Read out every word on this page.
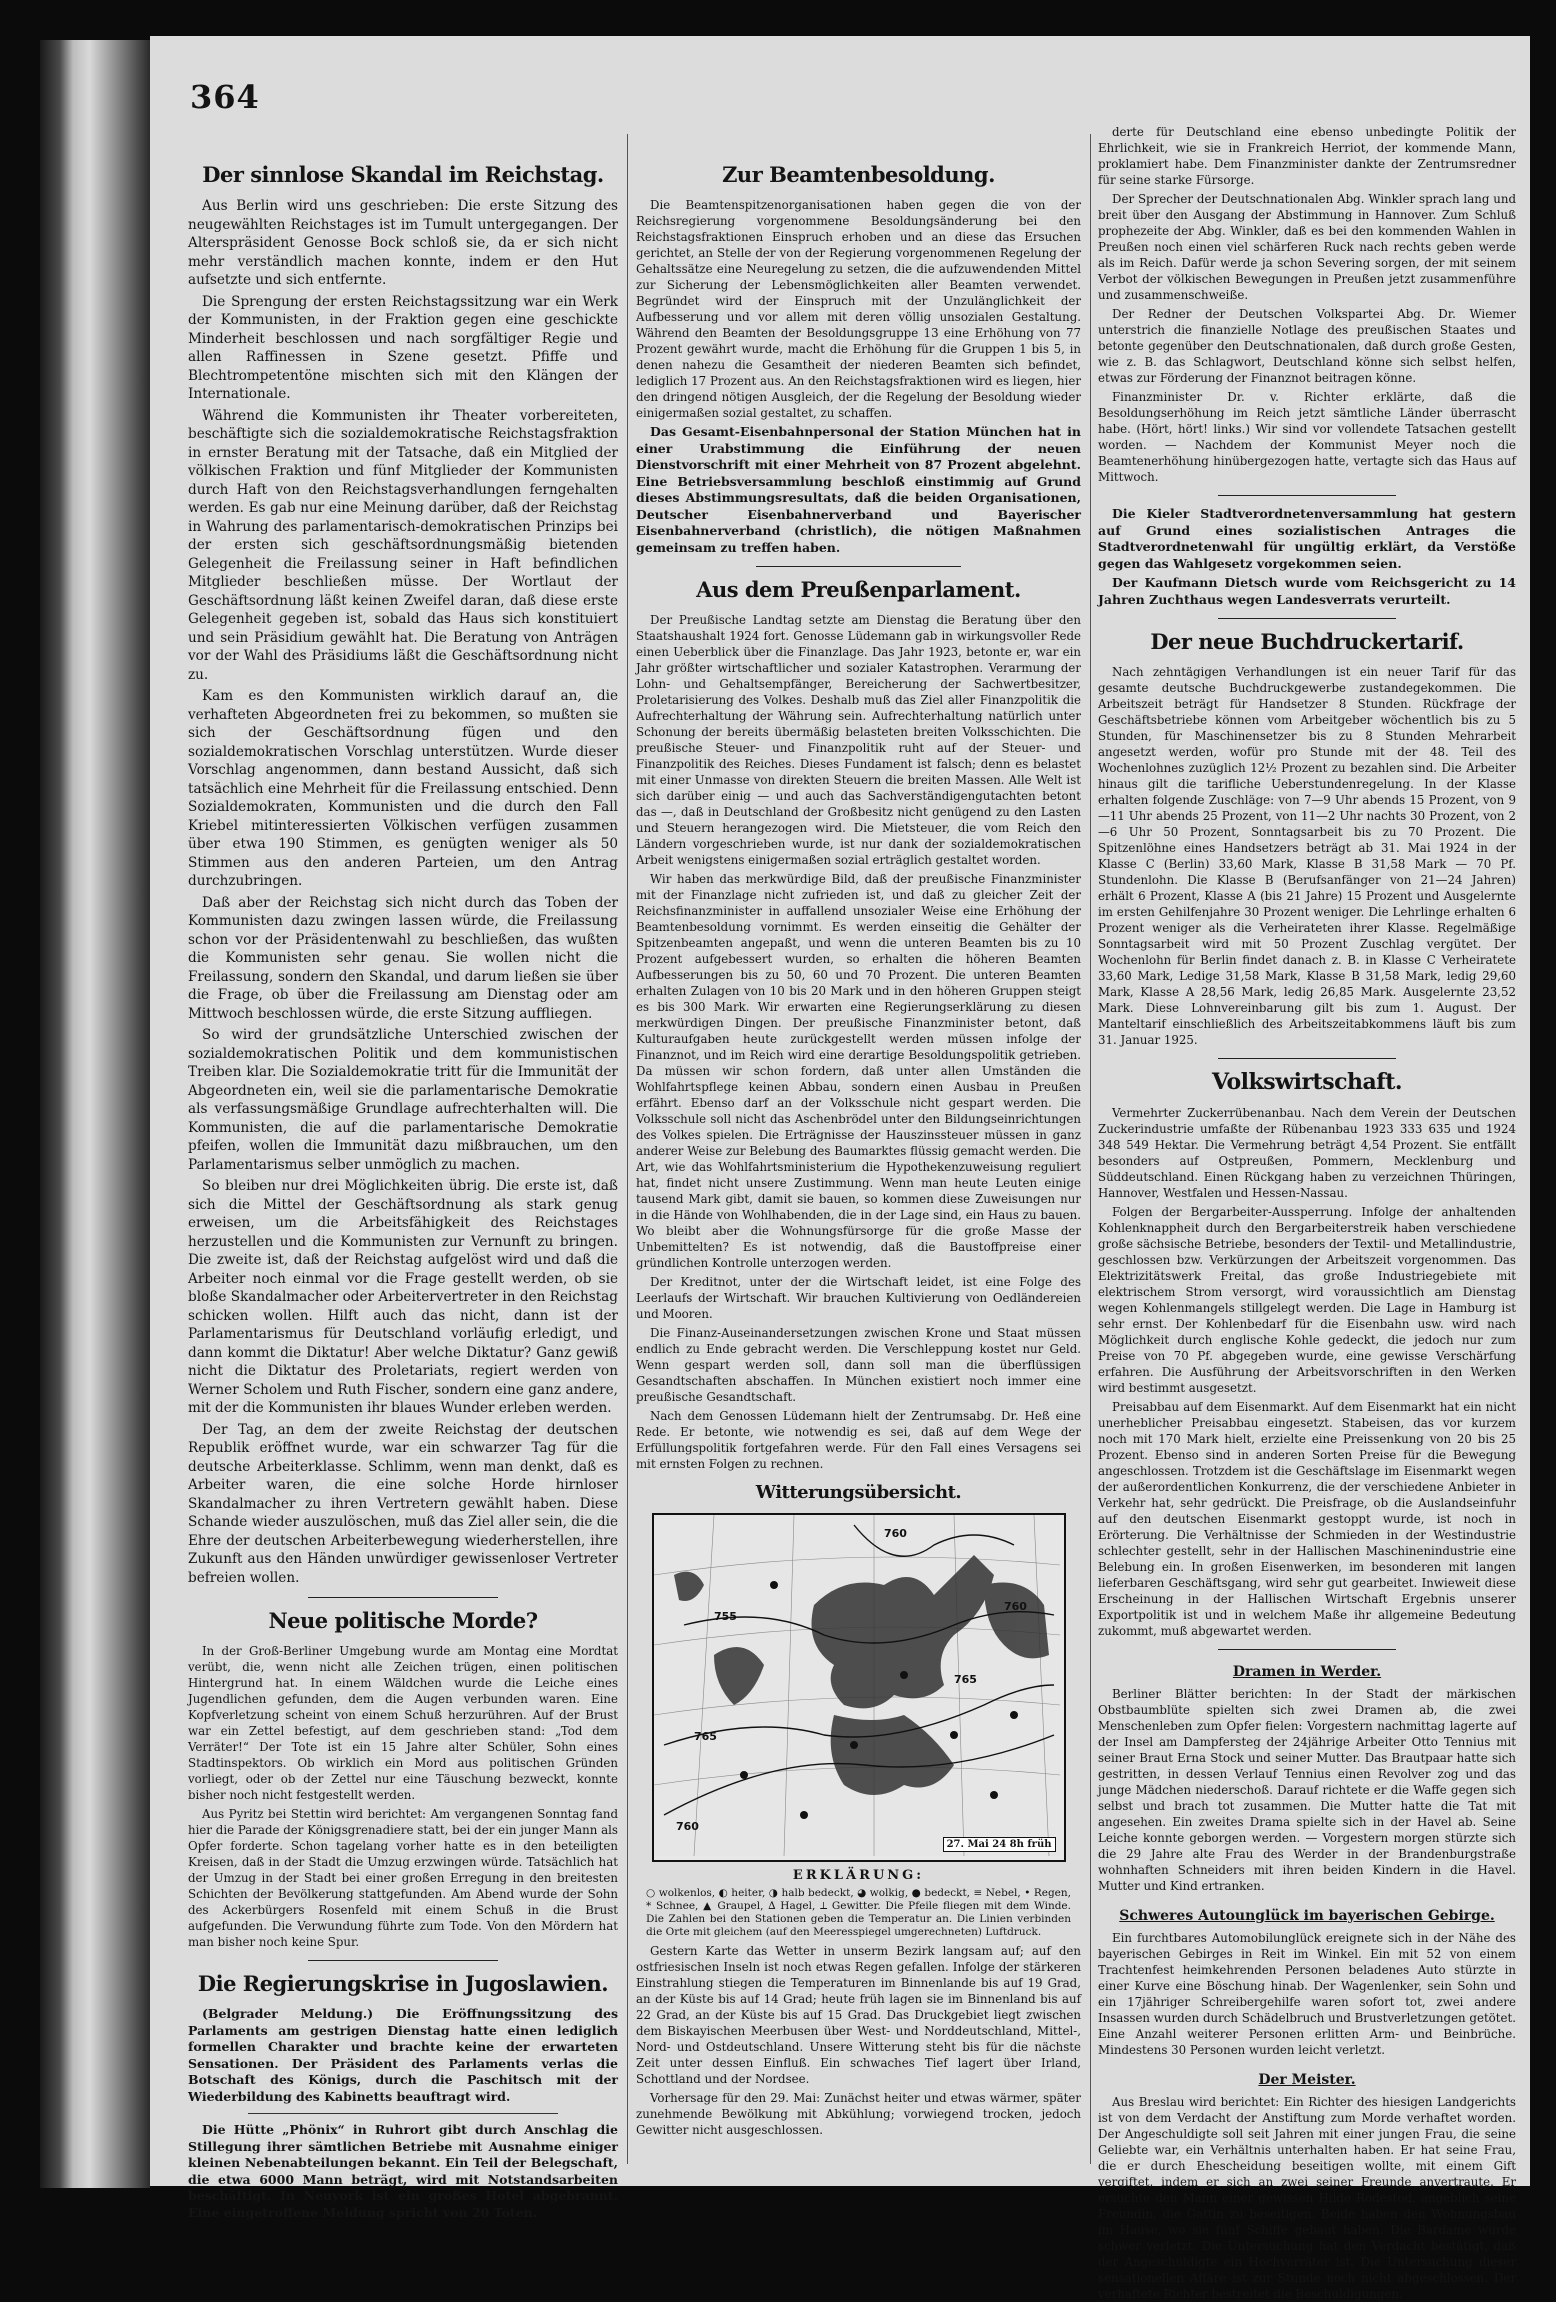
364
Der sinnlose Skandal im Reichstag.

Aus Berlin wird uns geschrieben: Die erste Sitzung des neugewählten Reichstages ist im Tumult untergegangen. Der Alterspräsident Genosse Bock schloß sie, da er sich nicht mehr verständlich machen konnte, indem er den Hut aufsetzte und sich entfernte.

Die Sprengung der ersten Reichstagssitzung war ein Werk der Kommunisten, in der Fraktion gegen eine geschickte Minderheit beschlossen und nach sorgfältiger Regie und allen Raffinessen in Szene gesetzt. Pfiffe und Blechtrompetentöne mischten sich mit den Klängen der Internationale.

Während die Kommunisten ihr Theater vorbereiteten, beschäftigte sich die sozialdemokratische Reichstagsfraktion in ernster Beratung mit der Tatsache, daß ein Mitglied der völkischen Fraktion und fünf Mitglieder der Kommunisten durch Haft von den Reichstagsverhandlungen ferngehalten werden. Es gab nur eine Meinung darüber, daß der Reichstag in Wahrung des parlamentarisch-demokratischen Prinzips bei der ersten sich geschäftsordnungsmäßig bietenden Gelegenheit die Freilassung seiner in Haft befindlichen Mitglieder beschließen müsse. Der Wortlaut der Geschäftsordnung läßt keinen Zweifel daran, daß diese erste Gelegenheit gegeben ist, sobald das Haus sich konstituiert und sein Präsidium gewählt hat. Die Beratung von Anträgen vor der Wahl des Präsidiums läßt die Geschäftsordnung nicht zu.

Kam es den Kommunisten wirklich darauf an, die verhafteten Abgeordneten frei zu bekommen, so mußten sie sich der Geschäftsordnung fügen und den sozialdemokratischen Vorschlag unterstützen. Wurde dieser Vorschlag angenommen, dann bestand Aussicht, daß sich tatsächlich eine Mehrheit für die Freilassung entschied. Denn Sozialdemokraten, Kommunisten und die durch den Fall Kriebel mitinteressierten Völkischen verfügen zusammen über etwa 190 Stimmen, es genügten weniger als 50 Stimmen aus den anderen Parteien, um den Antrag durchzubringen.

Daß aber der Reichstag sich nicht durch das Toben der Kommunisten dazu zwingen lassen würde, die Freilassung schon vor der Präsidentenwahl zu beschließen, das wußten die Kommunisten sehr genau. Sie wollen nicht die Freilassung, sondern den Skandal, und darum ließen sie über die Frage, ob über die Freilassung am Dienstag oder am Mittwoch beschlossen würde, die erste Sitzung auffliegen.

So wird der grundsätzliche Unterschied zwischen der sozialdemokratischen Politik und dem kommunistischen Treiben klar. Die Sozialdemokratie tritt für die Immunität der Abgeordneten ein, weil sie die parlamentarische Demokratie als verfassungsmäßige Grundlage aufrechterhalten will. Die Kommunisten, die auf die parlamentarische Demokratie pfeifen, wollen die Immunität dazu mißbrauchen, um den Parlamentarismus selber unmöglich zu machen.

So bleiben nur drei Möglichkeiten übrig. Die erste ist, daß sich die Mittel der Geschäftsordnung als stark genug erweisen, um die Arbeitsfähigkeit des Reichstages herzustellen und die Kommunisten zur Vernunft zu bringen. Die zweite ist, daß der Reichstag aufgelöst wird und daß die Arbeiter noch einmal vor die Frage gestellt werden, ob sie bloße Skandalmacher oder Arbeitervertreter in den Reichstag schicken wollen. Hilft auch das nicht, dann ist der Parlamentarismus für Deutschland vorläufig erledigt, und dann kommt die Diktatur! Aber welche Diktatur? Ganz gewiß nicht die Diktatur des Proletariats, regiert werden von Werner Scholem und Ruth Fischer, sondern eine ganz andere, mit der die Kommunisten ihr blaues Wunder erleben werden.

Der Tag, an dem der zweite Reichstag der deutschen Republik eröffnet wurde, war ein schwarzer Tag für die deutsche Arbeiterklasse. Schlimm, wenn man denkt, daß es Arbeiter waren, die eine solche Horde hirnloser Skandalmacher zu ihren Vertretern gewählt haben. Diese Schande wieder auszulöschen, muß das Ziel aller sein, die die Ehre der deutschen Arbeiterbewegung wiederherstellen, ihre Zukunft aus den Händen unwürdiger gewissenloser Vertreter befreien wollen.

Neue politische Morde?

In der Groß-Berliner Umgebung wurde am Montag eine Mordtat verübt, die, wenn nicht alle Zeichen trügen, einen politischen Hintergrund hat. In einem Wäldchen wurde die Leiche eines Jugendlichen gefunden, dem die Augen verbunden waren. Eine Kopfverletzung scheint von einem Schuß herzurühren. Auf der Brust war ein Zettel befestigt, auf dem geschrieben stand: „Tod dem Verräter!“ Der Tote ist ein 15 Jahre alter Schüler, Sohn eines Stadtinspektors. Ob wirklich ein Mord aus politischen Gründen vorliegt, oder ob der Zettel nur eine Täuschung bezweckt, konnte bisher noch nicht festgestellt werden.

Aus Pyritz bei Stettin wird berichtet: Am vergangenen Sonntag fand hier die Parade der Königsgrenadiere statt, bei der ein junger Mann als Opfer forderte. Schon tagelang vorher hatte es in den beteiligten Kreisen, daß in der Stadt die Umzug erzwingen würde. Tatsächlich hat der Umzug in der Stadt bei einer großen Erregung in den breitesten Schichten der Bevölkerung stattgefunden. Am Abend wurde der Sohn des Ackerbürgers Rosenfeld mit einem Schuß in die Brust aufgefunden. Die Verwundung führte zum Tode. Von den Mördern hat man bisher noch keine Spur.

Die Regierungskrise in Jugoslawien.

(Belgrader Meldung.) Die Eröffnungssitzung des Parlaments am gestrigen Dienstag hatte einen lediglich formellen Charakter und brachte keine der erwarteten Sensationen. Der Präsident des Parlaments verlas die Botschaft des Königs, durch die Paschitsch mit der Wiederbildung des Kabinetts beauftragt wird.

Die Hütte „Phönix“ in Ruhrort gibt durch Anschlag die Stillegung ihrer sämtlichen Betriebe mit Ausnahme einiger kleinen Nebenabteilungen bekannt. Ein Teil der Belegschaft, die etwa 6000 Mann beträgt, wird mit Notstandsarbeiten beschäftigt. In Neuyork ist ein großes Hotel abgebrannt. Eine eingetroffene Meldung spricht von 20 Toten.

Zur Beamtenbesoldung.

Die Beamtenspitzenorganisationen haben gegen die von der Reichsregierung vorgenommene Besoldungsänderung bei den Reichstagsfraktionen Einspruch erhoben und an diese das Ersuchen gerichtet, an Stelle der von der Regierung vorgenommenen Regelung der Gehaltssätze eine Neuregelung zu setzen, die die aufzuwendenden Mittel zur Sicherung der Lebensmöglichkeiten aller Beamten verwendet. Begründet wird der Einspruch mit der Unzulänglichkeit der Aufbesserung und vor allem mit deren völlig unsozialen Gestaltung. Während den Beamten der Besoldungsgruppe 13 eine Erhöhung von 77 Prozent gewährt wurde, macht die Erhöhung für die Gruppen 1 bis 5, in denen nahezu die Gesamtheit der niederen Beamten sich befindet, lediglich 17 Prozent aus. An den Reichstagsfraktionen wird es liegen, hier den dringend nötigen Ausgleich, der die Regelung der Besoldung wieder einigermaßen sozial gestaltet, zu schaffen.

Das Gesamt-Eisenbahnpersonal der Station München hat in einer Urabstimmung die Einführung der neuen Dienstvorschrift mit einer Mehrheit von 87 Prozent abgelehnt. Eine Betriebsversammlung beschloß einstimmig auf Grund dieses Abstimmungsresultats, daß die beiden Organisationen, Deutscher Eisenbahnerverband und Bayerischer Eisenbahnerverband (christlich), die nötigen Maßnahmen gemeinsam zu treffen haben.

Aus dem Preußenparlament.

Der Preußische Landtag setzte am Dienstag die Beratung über den Staatshaushalt 1924 fort. Genosse Lüdemann gab in wirkungsvoller Rede einen Ueberblick über die Finanzlage. Das Jahr 1923, betonte er, war ein Jahr größter wirtschaftlicher und sozialer Katastrophen. Verarmung der Lohn- und Gehaltsempfänger, Bereicherung der Sachwertbesitzer, Proletarisierung des Volkes. Deshalb muß das Ziel aller Finanzpolitik die Aufrechterhaltung der Währung sein. Aufrechterhaltung natürlich unter Schonung der bereits übermäßig belasteten breiten Volksschichten. Die preußische Steuer- und Finanzpolitik ruht auf der Steuer- und Finanzpolitik des Reiches. Dieses Fundament ist falsch; denn es belastet mit einer Unmasse von direkten Steuern die breiten Massen. Alle Welt ist sich darüber einig — und auch das Sachverständigengutachten betont das —, daß in Deutschland der Großbesitz nicht genügend zu den Lasten und Steuern herangezogen wird. Die Mietsteuer, die vom Reich den Ländern vorgeschrieben wurde, ist nur dank der sozialdemokratischen Arbeit wenigstens einigermaßen sozial erträglich gestaltet worden.

Wir haben das merkwürdige Bild, daß der preußische Finanzminister mit der Finanzlage nicht zufrieden ist, und daß zu gleicher Zeit der Reichsfinanzminister in auffallend unsozialer Weise eine Erhöhung der Beamtenbesoldung vornimmt. Es werden einseitig die Gehälter der Spitzenbeamten angepaßt, und wenn die unteren Beamten bis zu 10 Prozent aufgebessert wurden, so erhalten die höheren Beamten Aufbesserungen bis zu 50, 60 und 70 Prozent. Die unteren Beamten erhalten Zulagen von 10 bis 20 Mark und in den höheren Gruppen steigt es bis 300 Mark. Wir erwarten eine Regierungserklärung zu diesen merkwürdigen Dingen. Der preußische Finanzminister betont, daß Kulturaufgaben heute zurückgestellt werden müssen infolge der Finanznot, und im Reich wird eine derartige Besoldungspolitik getrieben. Da müssen wir schon fordern, daß unter allen Umständen die Wohlfahrtspflege keinen Abbau, sondern einen Ausbau in Preußen erfährt. Ebenso darf an der Volksschule nicht gespart werden. Die Volksschule soll nicht das Aschenbrödel unter den Bildungseinrichtungen des Volkes spielen. Die Erträgnisse der Hauszinssteuer müssen in ganz anderer Weise zur Belebung des Baumarktes flüssig gemacht werden. Die Art, wie das Wohlfahrtsministerium die Hypothekenzuweisung reguliert hat, findet nicht unsere Zustimmung. Wenn man heute Leuten einige tausend Mark gibt, damit sie bauen, so kommen diese Zuweisungen nur in die Hände von Wohlhabenden, die in der Lage sind, ein Haus zu bauen. Wo bleibt aber die Wohnungsfürsorge für die große Masse der Unbemittelten? Es ist notwendig, daß die Baustoffpreise einer gründlichen Kontrolle unterzogen werden.

Der Kreditnot, unter der die Wirtschaft leidet, ist eine Folge des Leerlaufs der Wirtschaft. Wir brauchen Kultivierung von Oedländereien und Mooren.

Die Finanz-Auseinandersetzungen zwischen Krone und Staat müssen endlich zu Ende gebracht werden. Die Verschleppung kostet nur Geld. Wenn gespart werden soll, dann soll man die überflüssigen Gesandtschaften abschaffen. In München existiert noch immer eine preußische Gesandtschaft.

Nach dem Genossen Lüdemann hielt der Zentrumsabg. Dr. Heß eine Rede. Er betonte, wie notwendig es sei, daß auf dem Wege der Erfüllungspolitik fortgefahren werde. Für den Fall eines Versagens sei mit ernsten Folgen zu rechnen.

Witterungsübersicht.
760
765
760
760
765
755
27. Mai 24 8h früh
ERKLÄRUNG:
○ wolkenlos, ◐ heiter, ◑ halb bedeckt, ◕ wolkig, ● bedeckt, ≡ Nebel, • Regen, * Schnee, ▲ Graupel, ∆ Hagel, ⟂ Gewitter. Die Pfeile fliegen mit dem Winde. Die Zahlen bei den Stationen geben die Temperatur an. Die Linien verbinden die Orte mit gleichem (auf den Meeresspiegel umgerechneten) Luftdruck.

Gestern Karte das Wetter in unserm Bezirk langsam auf; auf den ostfriesischen Inseln ist noch etwas Regen gefallen. Infolge der stärkeren Einstrahlung stiegen die Temperaturen im Binnenlande bis auf 19 Grad, an der Küste bis auf 14 Grad; heute früh lagen sie im Binnenland bis auf 22 Grad, an der Küste bis auf 15 Grad. Das Druckgebiet liegt zwischen dem Biskayischen Meerbusen über West- und Norddeutschland, Mittel-, Nord- und Ostdeutschland. Unsere Witterung steht bis für die nächste Zeit unter dessen Einfluß. Ein schwaches Tief lagert über Irland, Schottland und der Nordsee.

Vorhersage für den 29. Mai: Zunächst heiter und etwas wärmer, später zunehmende Bewölkung mit Abkühlung; vorwiegend trocken, jedoch Gewitter nicht ausgeschlossen.

derte für Deutschland eine ebenso unbedingte Politik der Ehrlichkeit, wie sie in Frankreich Herriot, der kommende Mann, proklamiert habe. Dem Finanzminister dankte der Zentrumsredner für seine starke Fürsorge.

Der Sprecher der Deutschnationalen Abg. Winkler sprach lang und breit über den Ausgang der Abstimmung in Hannover. Zum Schluß prophezeite der Abg. Winkler, daß es bei den kommenden Wahlen in Preußen noch einen viel schärferen Ruck nach rechts geben werde als im Reich. Dafür werde ja schon Severing sorgen, der mit seinem Verbot der völkischen Bewegungen in Preußen jetzt zusammenführe und zusammenschweiße.

Der Redner der Deutschen Volkspartei Abg. Dr. Wiemer unterstrich die finanzielle Notlage des preußischen Staates und betonte gegenüber den Deutschnationalen, daß durch große Gesten, wie z. B. das Schlagwort, Deutschland könne sich selbst helfen, etwas zur Förderung der Finanznot beitragen könne.

Finanzminister Dr. v. Richter erklärte, daß die Besoldungserhöhung im Reich jetzt sämtliche Länder überrascht habe. (Hört, hört! links.) Wir sind vor vollendete Tatsachen gestellt worden. — Nachdem der Kommunist Meyer noch die Beamtenerhöhung hinübergezogen hatte, vertagte sich das Haus auf Mittwoch.

Die Kieler Stadtverordnetenversammlung hat gestern auf Grund eines sozialistischen Antrages die Stadtverordnetenwahl für ungültig erklärt, da Verstöße gegen das Wahlgesetz vorgekommen seien.

Der Kaufmann Dietsch wurde vom Reichsgericht zu 14 Jahren Zuchthaus wegen Landesverrats verurteilt.

Der neue Buchdruckertarif.

Nach zehntägigen Verhandlungen ist ein neuer Tarif für das gesamte deutsche Buchdruckgewerbe zustandegekommen. Die Arbeitszeit beträgt für Handsetzer 8 Stunden. Rückfrage der Geschäftsbetriebe können vom Arbeitgeber wöchentlich bis zu 5 Stunden, für Maschinensetzer bis zu 8 Stunden Mehrarbeit angesetzt werden, wofür pro Stunde mit der 48. Teil des Wochenlohnes zuzüglich 12½ Prozent zu bezahlen sind. Die Arbeiter hinaus gilt die tarifliche Ueberstundenregelung. In der Klasse erhalten folgende Zuschläge: von 7—9 Uhr abends 15 Prozent, von 9—11 Uhr abends 25 Prozent, von 11—2 Uhr nachts 30 Prozent, von 2—6 Uhr 50 Prozent, Sonntagsarbeit bis zu 70 Prozent. Die Spitzenlöhne eines Handsetzers beträgt ab 31. Mai 1924 in der Klasse C (Berlin) 33,60 Mark, Klasse B 31,58 Mark — 70 Pf. Stundenlohn. Die Klasse B (Berufsanfänger von 21—24 Jahren) erhält 6 Prozent, Klasse A (bis 21 Jahre) 15 Prozent und Ausgelernte im ersten Gehilfenjahre 30 Prozent weniger. Die Lehrlinge erhalten 6 Prozent weniger als die Verheirateten ihrer Klasse. Regelmäßige Sonntagsarbeit wird mit 50 Prozent Zuschlag vergütet. Der Wochenlohn für Berlin findet danach z. B. in Klasse C Verheiratete 33,60 Mark, Ledige 31,58 Mark, Klasse B 31,58 Mark, ledig 29,60 Mark, Klasse A 28,56 Mark, ledig 26,85 Mark. Ausgelernte 23,52 Mark. Diese Lohnvereinbarung gilt bis zum 1. August. Der Manteltarif einschließlich des Arbeitszeitabkommens läuft bis zum 31. Januar 1925.

Volkswirtschaft.

Vermehrter Zuckerrübenanbau. Nach dem Verein der Deutschen Zuckerindustrie umfaßte der Rübenanbau 1923 333 635 und 1924 348 549 Hektar. Die Vermehrung beträgt 4,54 Prozent. Sie entfällt besonders auf Ostpreußen, Pommern, Mecklenburg und Süddeutschland. Einen Rückgang haben zu verzeichnen Thüringen, Hannover, Westfalen und Hessen-Nassau.

Folgen der Bergarbeiter-Aussperrung. Infolge der anhaltenden Kohlenknappheit durch den Bergarbeiterstreik haben verschiedene große sächsische Betriebe, besonders der Textil- und Metallindustrie, geschlossen bzw. Verkürzungen der Arbeitszeit vorgenommen. Das Elektrizitätswerk Freital, das große Industriegebiete mit elektrischem Strom versorgt, wird voraussichtlich am Dienstag wegen Kohlenmangels stillgelegt werden. Die Lage in Hamburg ist sehr ernst. Der Kohlenbedarf für die Eisenbahn usw. wird nach Möglichkeit durch englische Kohle gedeckt, die jedoch nur zum Preise von 70 Pf. abgegeben wurde, eine gewisse Verschärfung erfahren. Die Ausführung der Arbeitsvorschriften in den Werken wird bestimmt ausgesetzt.

Preisabbau auf dem Eisenmarkt. Auf dem Eisenmarkt hat ein nicht unerheblicher Preisabbau eingesetzt. Stabeisen, das vor kurzem noch mit 170 Mark hielt, erzielte eine Preissenkung von 20 bis 25 Prozent. Ebenso sind in anderen Sorten Preise für die Bewegung angeschlossen. Trotzdem ist die Geschäftslage im Eisenmarkt wegen der außerordentlichen Konkurrenz, die der verschiedene Anbieter in Verkehr hat, sehr gedrückt. Die Preisfrage, ob die Auslandseinfuhr auf den deutschen Eisenmarkt gestoppt wurde, ist noch in Erörterung. Die Verhältnisse der Schmieden in der Westindustrie schlechter gestellt, sehr in der Hallischen Maschinenindustrie eine Belebung ein. In großen Eisenwerken, im besonderen mit langen lieferbaren Geschäftsgang, wird sehr gut gearbeitet. Inwieweit diese Erscheinung in der Hallischen Wirtschaft Ergebnis unserer Exportpolitik ist und in welchem Maße ihr allgemeine Bedeutung zukommt, muß abgewartet werden.

Dramen in Werder.

Berliner Blätter berichten: In der Stadt der märkischen Obstbaumblüte spielten sich zwei Dramen ab, die zwei Menschenleben zum Opfer fielen: Vorgestern nachmittag lagerte auf der Insel am Dampfersteg der 24jährige Arbeiter Otto Tennius mit seiner Braut Erna Stock und seiner Mutter. Das Brautpaar hatte sich gestritten, in dessen Verlauf Tennius einen Revolver zog und das junge Mädchen niederschoß. Darauf richtete er die Waffe gegen sich selbst und brach tot zusammen. Die Mutter hatte die Tat mit angesehen. Ein zweites Drama spielte sich in der Havel ab. Seine Leiche konnte geborgen werden. — Vorgestern morgen stürzte sich die 29 Jahre alte Frau des Werder in der Brandenburgstraße wohnhaften Schneiders mit ihren beiden Kindern in die Havel. Mutter und Kind ertranken.

Schweres Autounglück im bayerischen Gebirge.

Ein furchtbares Automobilunglück ereignete sich in der Nähe des bayerischen Gebirges in Reit im Winkel. Ein mit 52 von einem Trachtenfest heimkehrenden Personen beladenes Auto stürzte in einer Kurve eine Böschung hinab. Der Wagenlenker, sein Sohn und ein 17jähriger Schreibergehilfe waren sofort tot, zwei andere Insassen wurden durch Schädelbruch und Brustverletzungen getötet. Eine Anzahl weiterer Personen erlitten Arm- und Beinbrüche. Mindestens 30 Personen wurden leicht verletzt.

Der Meister.

Aus Breslau wird berichtet: Ein Richter des hiesigen Landgerichts ist von dem Verdacht der Anstiftung zum Morde verhaftet worden. Der Angeschuldigte soll seit Jahren mit einer jungen Frau, die seine Geliebte war, ein Verhältnis unterhalten haben. Er hat seine Frau, die er durch Ehescheidung beseitigen wollte, mit einem Gift vergiftet, indem er sich an zwei seiner Freunde anvertraute. Er ersuchte den Mann einer gewissen Hilde Rodestod, angeblich seine Freundin, die Gattin zu beseitigen. Beide haben den Wohnungsbau im Hause, wo sie fünf Schiffe gebaut haben. Die Bardame wurde schwer verletzt. Die Untersuchung hat den Verdacht bestätigt, daß der Angeschuldigte ein Hochverräter ist. Die Untersuchung dieser sensationellen Affäre ist zur Stunde noch nicht abgeschlossen. Der verhaftete Richter bestreitet die Beschuldigungen.
